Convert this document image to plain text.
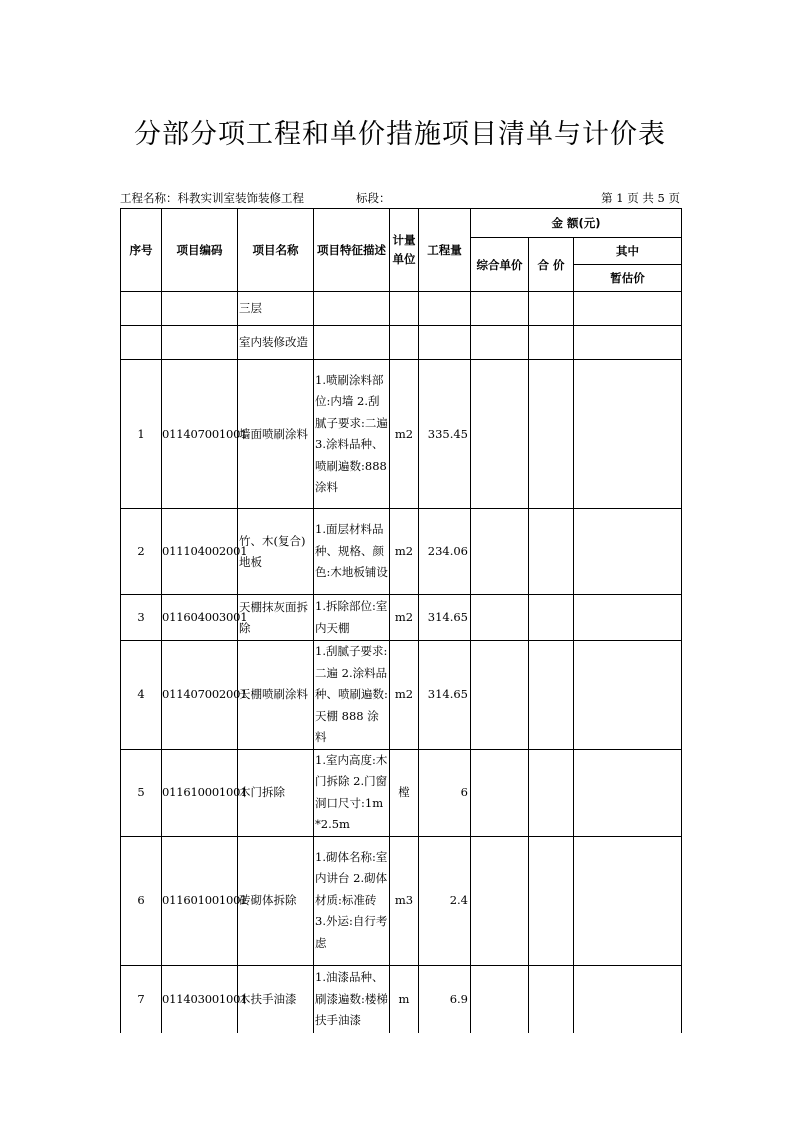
分部分项工程和单价措施项目清单与计价表
工程名称：科教实训室装饰装修工程	标段：	第 1 页 共 5 页
序号	项目编码	项目名称	项目特征描述	计量单位	工程量	金 额(元)		
						综合单价	合 价	其中
								暂估价
		三层						
		室内装修改造						
1	011407001001	墙面喷刷涂料	1.喷刷涂料部位:内墙 2.刮腻子要求:二遍 3.涂料品种、喷刷遍数:888涂料	m2	335.45			
2	011104002001	竹、木(复合)地板	1.面层材料品种、规格、颜色:木地板铺设	m2	234.06			
3	011604003001	天棚抹灰面拆除	1.拆除部位:室内天棚	m2	314.65			
4	011407002001	天棚喷刷涂料	1.刮腻子要求:二遍 2.涂料品种、喷刷遍数:天棚 888 涂料	m2	314.65			
5	011610001001	木门拆除	1.室内高度:木门拆除 2.门窗洞口尺寸:1m*2.5m	樘	6			
6	011601001001	砖砌体拆除	1.砌体名称:室内讲台 2.砌体材质:标准砖 3.外运:自行考虑	m3	2.4			
7	011403001001	木扶手油漆	1.油漆品种、刷漆遍数:楼梯扶手油漆	m	6.9			
